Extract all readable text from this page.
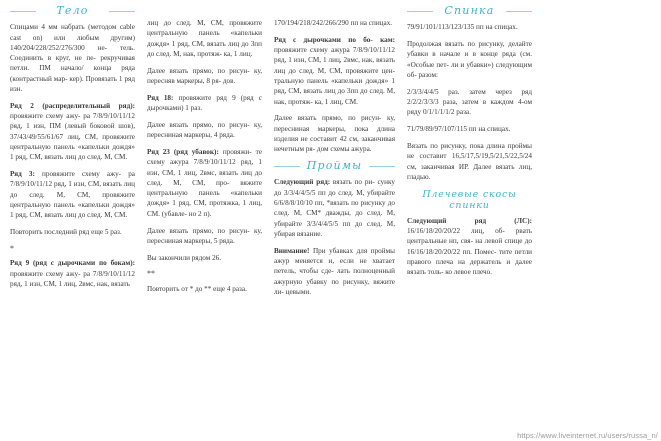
Тело

Спицами 4 мм набрать (методом cable cast on) или любым другим) 140/204/228/252/276/300 не- тель. Соединить в круг, не пе- рекручивая петли. ПМ начало/ конца ряда (контрастный мар- кер). Провязать 1 ряд изн.

Ряд 2 (распределительный ряд): провяжите схему ажу- ра 7/8/9/10/11/12 ряд, 1 изн, ПМ (левый боковой шов), 37/43/49/55/61/67 лиц, СМ, провяжите центральную панель «капельки дождя» 1 ряд, СМ, вязать лиц до след. М, СМ.

Ряд 3: провяжите схему ажу- ра 7/8/9/10/11/12 ряд, 1 изн, СМ, вязать лиц до след. М, СМ, провяжите центральную панель «капельки дождя» 1 ряд, СМ, вязать лиц до след. М, СМ.

Повторить последний ряд еще 5 раз.

*

Ряд 9 (ряд с дырочками по бокам): провяжите схему ажу- ра 7/8/9/10/11/12 ряд, 1 изн, СМ, 1 лиц, 2вмс, нак, вязать

лиц до след. М, СМ, провяжите центральную панель «капельки дождя» 1 ряд, СМ, вязать лиц до 3пп до след. М, нак, протяж- ка, 1 лиц.

Далее вязать прямо, по рисун- ку, пересняв маркеры, 8 ря- дов.

Ряд 18: провяжите ряд 9 (ряд с дырочками) 1 раз.

Далее вязать прямо, по рисун- ку, пересниная маркеры, 4 ряда.

Ряд 23 (ряд убавок): провяжи- те схему ажура 7/8/9/10/11/12 ряд, 1 изн, СМ, 1 лиц, 2вмс, вязать лиц до след. М, СМ, про- вяжите центральную панель «капельки дождя» 1 ряд, СМ, протяжка, 1 лиц, СМ. (убавле- но 2 п).

Далее вязать прямо, по рисун- ку, пересниная маркеры, 5 ряда.

Вы закончили рядом 26.

**

Повторить от * до ** еще 4 раза.

170/194/218/242/266/290 пп на спицах.

Ряд с дырочками по бо- кам: провяжите схему ажура 7/8/9/10/11/12 ряд, 1 изн, СМ, 1 лиц, 2вмс, нак, вязать лиц до след. М, СМ, провяжите цен- тральную панель «капельки дождя» 1 ряд, СМ, вязать лиц до 3пп до след. М, нак, протяж- ка, 1 лиц, СМ.

Далее вязать прямо, по рисун- ку, пересниная маркеры, пока длина изделия не составит 42 см, заканчивая нечетным ря- дом схемы ажура.

Проймы

Следующий ряд: вязать по ри- сунку до 3/3/4/4/5/5 пп до след. М, убирайте 6/6/8/8/10/10 пп, *вязать по рисунку до след. М, СМ* дважды, до след. М, убирайте 3/3/4/4/5/5 пп до след. М, убирая вязание.

Внимание! При убавках для проймы ажур меняется и, если не хватает петель, чтобы сде- лать полноценный ажурную убавку по рисунку, вяжите ли- цевыми.

Спинка

79/91/101/113/123/135 пп на спицах.

Продолжая вязать по рисунку, делайте убавки в начале и в конце ряда (см. «Особые пет- ли и убавки») следующим об- разом:

2/3/3/4/4/5 раз. затем через ряд 2/2/2/3/3/3 раза, затем в каждом 4-ом ряду 0/1/1/1/1/2 раза.

71/79/89/97/107/115 пп на спицах.

Вязать по рисунку, пока длина проймы не составит 16,5/17,5/19,5/21,5/22,5/24 см, заканчивая ИР. Далее вязать лиц, гладью.

Плечевые скосы спинки

Следующий ряд (ЛС): 16/16/18/20/20/22 лиц, об- рвать центральные нп, свя- на левой спице до 16/16/18/20/20/22 пп. Помес- тите петли правого плеча на держатель и далее вязать толь- ко левое плечо.

https://www.liveinternet.ru/users/russa_n/
